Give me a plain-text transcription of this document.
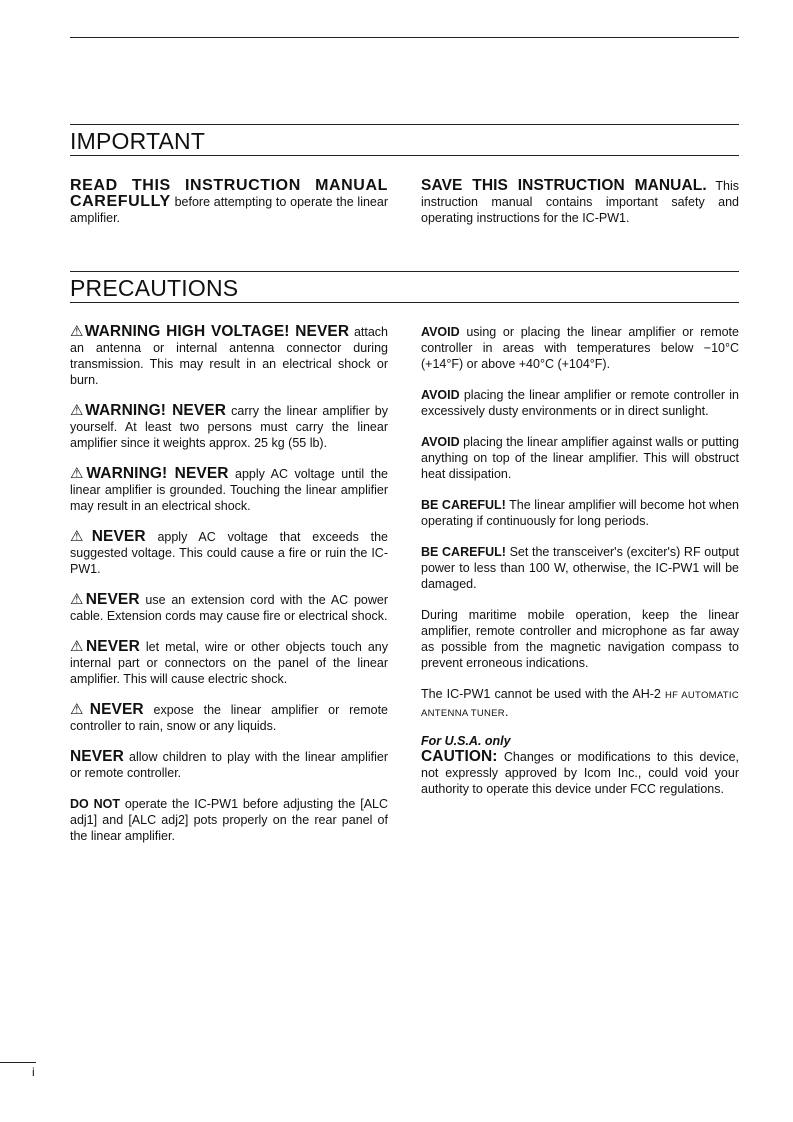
IMPORTANT

READ THIS INSTRUCTION MANUAL CAREFULLY before attempting to operate the linear amplifier.

SAVE THIS INSTRUCTION MANUAL. This instruction manual contains important safety and operating instructions for the IC-PW1.

PRECAUTIONS

⚠WARNING HIGH VOLTAGE! NEVER attach an antenna or internal antenna connector during transmission. This may result in an electrical shock or burn.

⚠WARNING! NEVER carry the linear amplifier by yourself. At least two persons must carry the linear amplifier since it weights approx. 25 kg (55 lb).

⚠WARNING! NEVER apply AC voltage until the linear amplifier is grounded. Touching the linear amplifier may result in an electrical shock.

⚠NEVER apply AC voltage that exceeds the suggested voltage. This could cause a fire or ruin the IC-PW1.

⚠NEVER use an extension cord with the AC power cable. Extension cords may cause fire or electrical shock.

⚠NEVER let metal, wire or other objects touch any internal part or connectors on the panel of the linear amplifier. This will cause electric shock.

⚠NEVER expose the linear amplifier or remote controller to rain, snow or any liquids.

NEVER allow children to play with the linear amplifier or remote controller.

DO NOT operate the IC-PW1 before adjusting the [ALC adj1] and [ALC adj2] pots properly on the rear panel of the linear amplifier.

AVOID using or placing the linear amplifier or remote controller in areas with temperatures below −10°C (+14°F) or above +40°C (+104°F).

AVOID placing the linear amplifier or remote controller in excessively dusty environments or in direct sunlight.

AVOID placing the linear amplifier against walls or putting anything on top of the linear amplifier. This will obstruct heat dissipation.

BE CAREFUL! The linear amplifier will become hot when operating if continuously for long periods.

BE CAREFUL! Set the transceiver's (exciter's) RF output power to less than 100 W, otherwise, the IC-PW1 will be damaged.

During maritime mobile operation, keep the linear amplifier, remote controller and microphone as far away as possible from the magnetic navigation compass to prevent erroneous indications.

The IC-PW1 cannot be used with the AH-2 HF AUTOMATIC ANTENNA TUNER.

For U.S.A. only
CAUTION: Changes or modifications to this device, not expressly approved by Icom Inc., could void your authority to operate this device under FCC regulations.

i
